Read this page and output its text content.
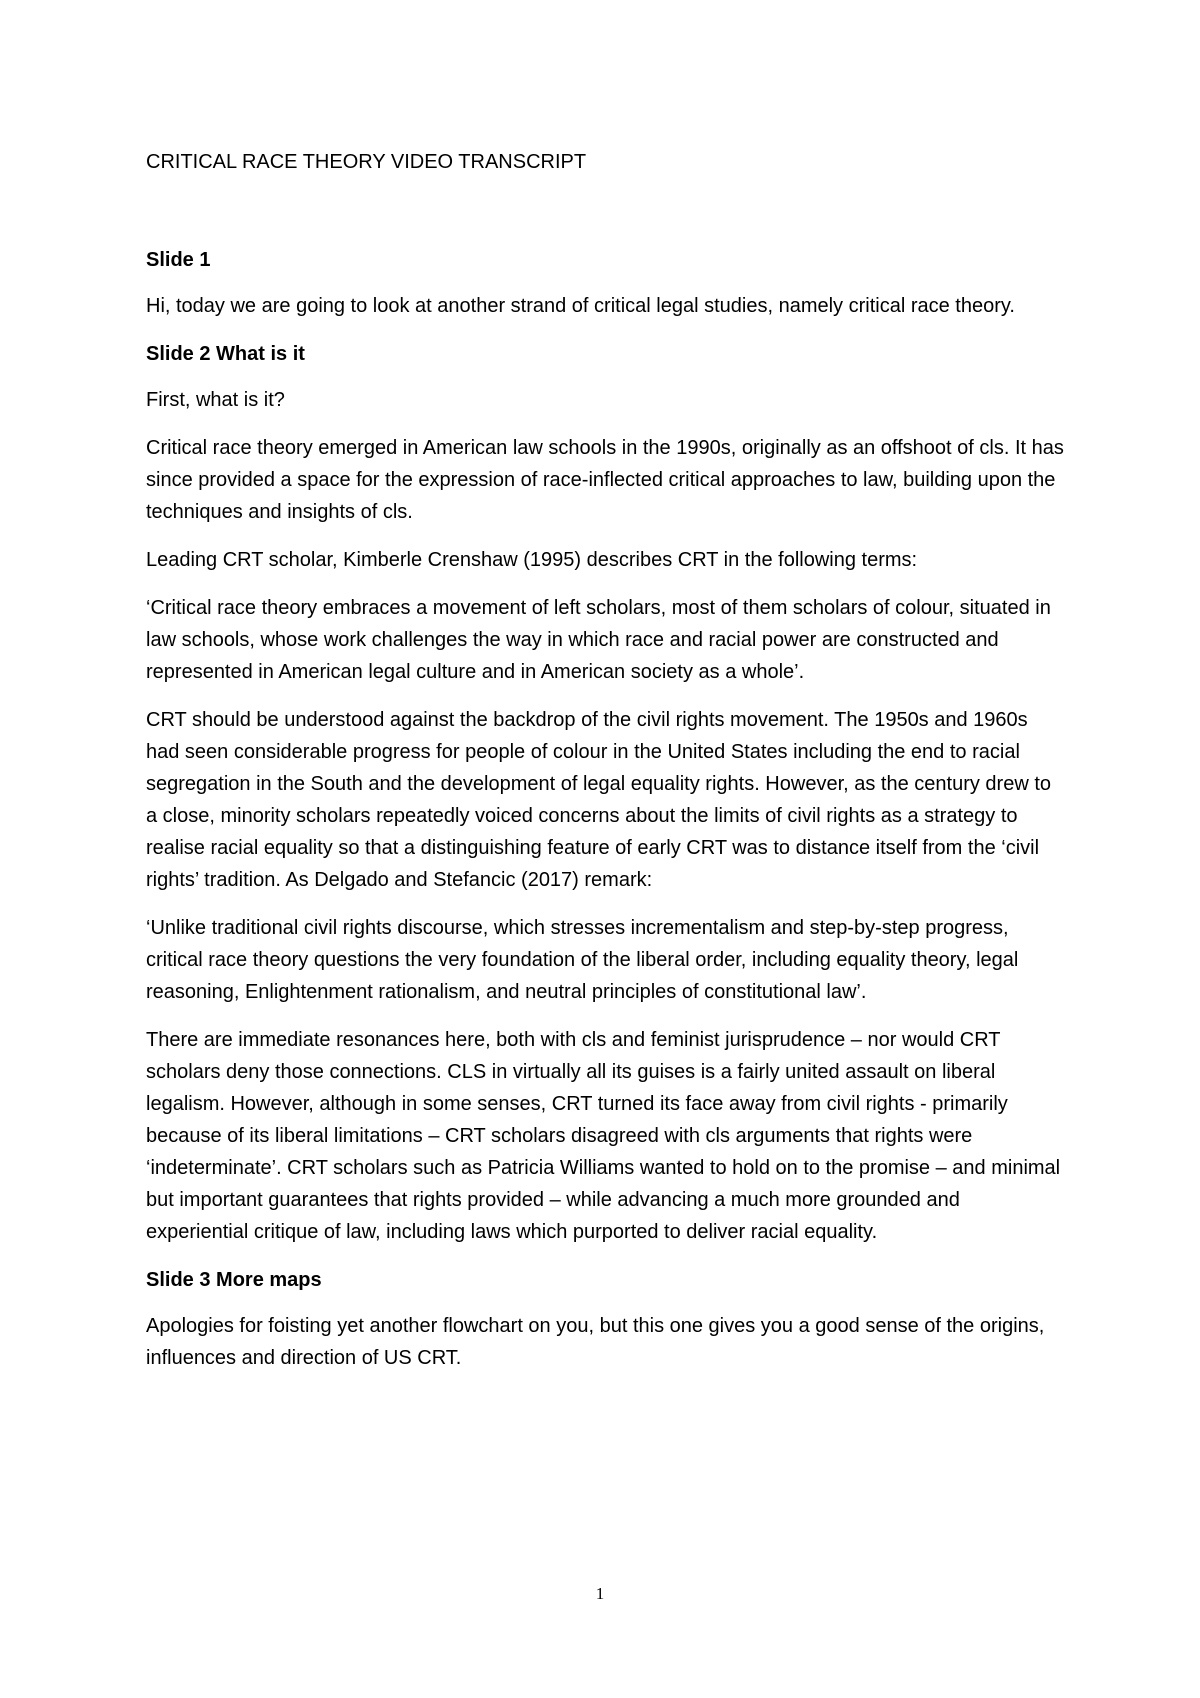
CRITICAL RACE THEORY VIDEO TRANSCRIPT
Slide 1

Hi, today we are going to look at another strand of critical legal studies, namely critical race theory.

Slide 2 What is it

First, what is it?

Critical race theory emerged in American law schools in the 1990s, originally as an offshoot of cls. It has since provided a space for the expression of race-inflected critical approaches to law, building upon the techniques and insights of cls.

Leading CRT scholar, Kimberle Crenshaw (1995) describes CRT in the following terms:

‘Critical race theory embraces a movement of left scholars, most of them scholars of colour, situated in law schools, whose work challenges the way in which race and racial power are constructed and represented in American legal culture and in American society as a whole’.

CRT should be understood against the backdrop of the civil rights movement. The 1950s and 1960s had seen considerable progress for people of colour in the United States including the end to racial segregation in the South and the development of legal equality rights. However, as the century drew to a close, minority scholars repeatedly voiced concerns about the limits of civil rights as a strategy to realise racial equality so that a distinguishing feature of early CRT was to distance itself from the ‘civil rights’ tradition. As Delgado and Stefancic (2017) remark:

‘Unlike traditional civil rights discourse, which stresses incrementalism and step-by-step progress, critical race theory questions the very foundation of the liberal order, including equality theory, legal reasoning, Enlightenment rationalism, and neutral principles of constitutional law’.

There are immediate resonances here, both with cls and feminist jurisprudence – nor would CRT scholars deny those connections. CLS in virtually all its guises is a fairly united assault on liberal legalism. However, although in some senses, CRT turned its face away from civil rights - primarily because of its liberal limitations – CRT scholars disagreed with cls arguments that rights were ‘indeterminate’. CRT scholars such as Patricia Williams wanted to hold on to the promise – and minimal but important guarantees that rights provided – while advancing a much more grounded and experiential critique of law, including laws which purported to deliver racial equality.

Slide 3 More maps

Apologies for foisting yet another flowchart on you, but this one gives you a good sense of the origins, influences and direction of US CRT.

1
